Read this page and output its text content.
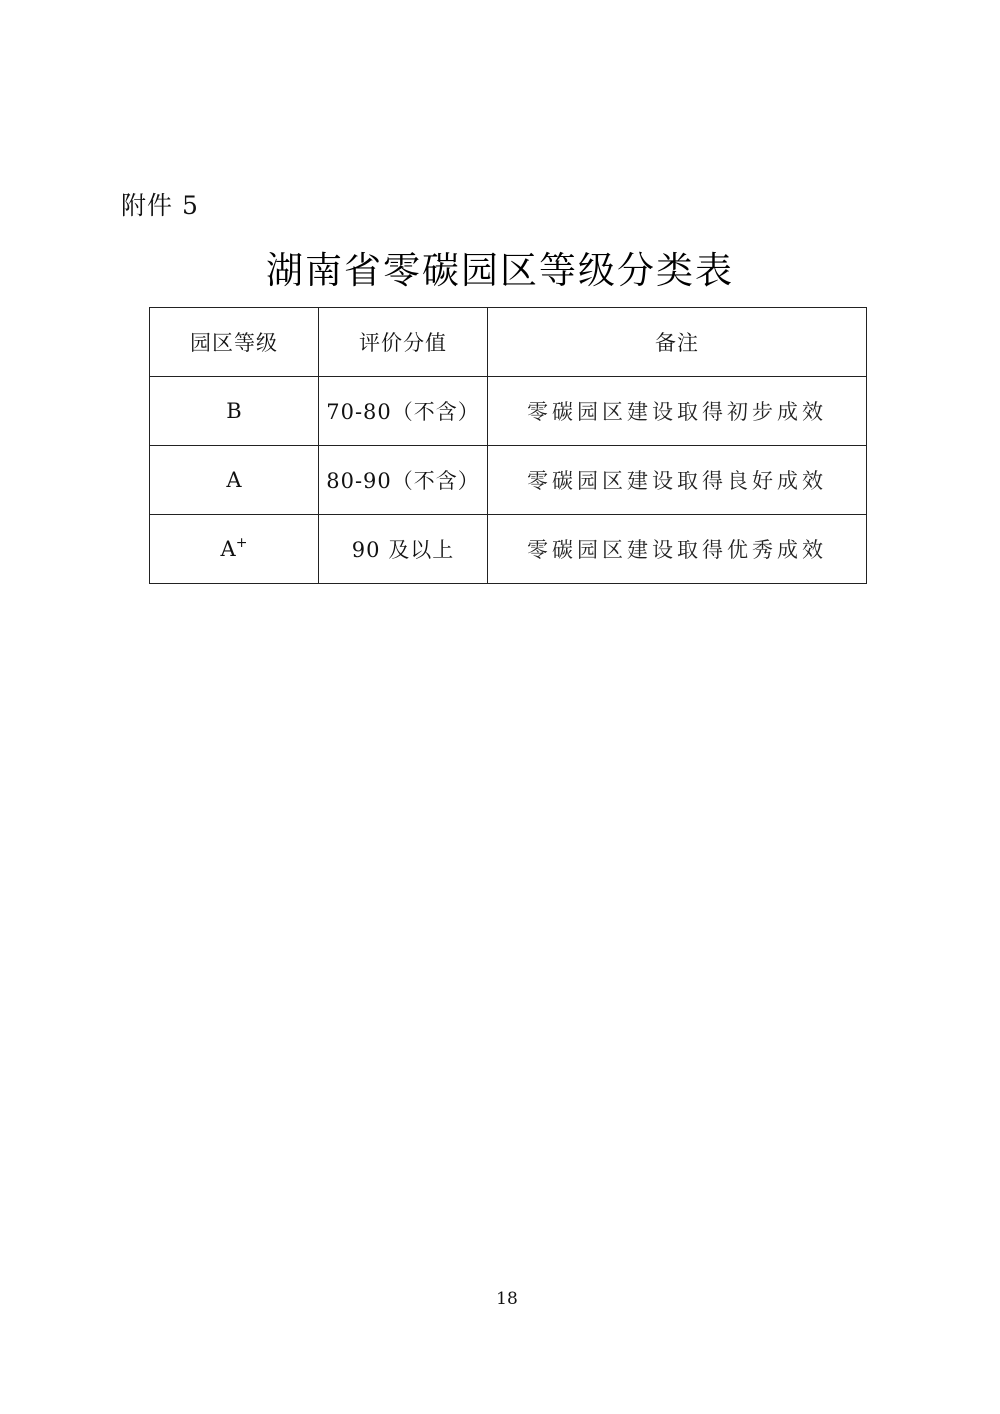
附件 5
湖南省零碳园区等级分类表
园区等级	评价分值	备注
B	70-80（不含）	零碳园区建设取得初步成效
A	80-90（不含）	零碳园区建设取得良好成效
A+	90 及以上	零碳园区建设取得优秀成效
18
